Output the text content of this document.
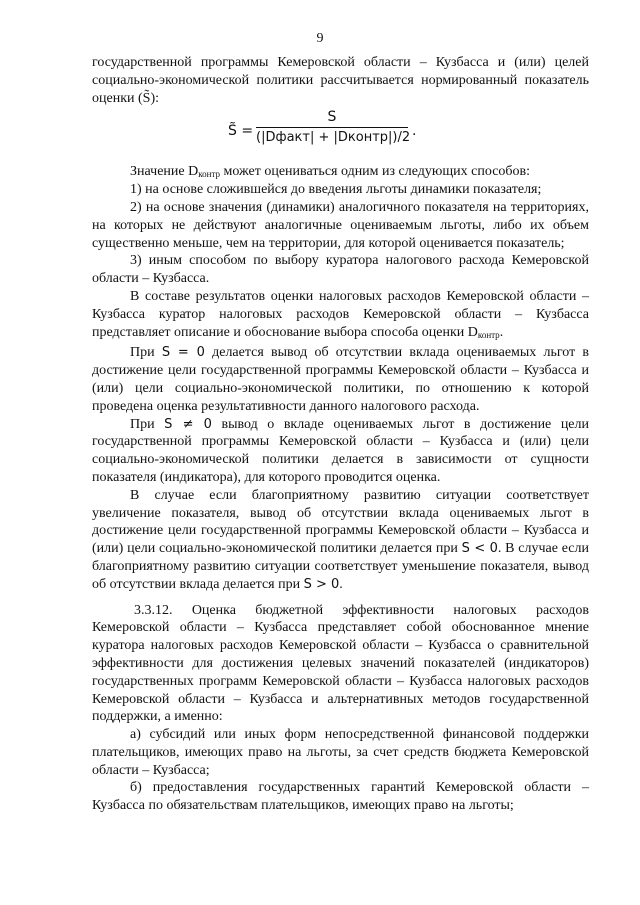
9

государственной программы Кемеровской области – Кузбасса и (или) целей социально-экономической политики рассчитывается нормированный показатель оценки (S̃):

S̃ =
S
(|Dфакт| + |Dконтр|)/2 .

Значение $D_{контр}$ может оцениваться одним из следующих способов:

1) на основе сложившейся до введения льготы динамики показателя;

2) на основе значения (динамики) аналогичного показателя на территориях, на которых не действуют аналогичные оцениваемым льготы, либо их объем существенно меньше, чем на территории, для которой оценивается показатель;

3) иным способом по выбору куратора налогового расхода Кемеровской области – Кузбасса.

В составе результатов оценки налоговых расходов Кемеровской области – Кузбасса куратор налоговых расходов Кемеровской области – Кузбасса представляет описание и обоснование выбора способа оценки $D_{контр}$.

При S = 0 делается вывод об отсутствии вклада оцениваемых льгот в достижение цели государственной программы Кемеровской области – Кузбасса и (или) цели социально-экономической политики, по отношению к которой проведена оценка результативности данного налогового расхода.

При S ≠ 0 вывод о вкладе оцениваемых льгот в достижение цели государственной программы Кемеровской области – Кузбасса и (или) цели социально-экономической политики делается в зависимости от сущности показателя (индикатора), для которого проводится оценка.

В случае если благоприятному развитию ситуации соответствует увеличение показателя, вывод об отсутствии вклада оцениваемых льгот в достижение цели государственной программы Кемеровской области – Кузбасса и (или) цели социально-экономической политики делается при S < 0. В случае если благоприятному развитию ситуации соответствует уменьшение показателя, вывод об отсутствии вклада делается при S > 0.

3.3.12. Оценка бюджетной эффективности налоговых расходов Кемеровской области – Кузбасса представляет собой обоснованное мнение куратора налоговых расходов Кемеровской области – Кузбасса о сравнительной эффективности для достижения целевых значений показателей (индикаторов) государственных программ Кемеровской области – Кузбасса налоговых расходов Кемеровской области – Кузбасса и альтернативных методов государственной поддержки, а именно:

а) субсидий или иных форм непосредственной финансовой поддержки плательщиков, имеющих право на льготы, за счет средств бюджета Кемеровской области – Кузбасса;

б) предоставления государственных гарантий Кемеровской области – Кузбасса по обязательствам плательщиков, имеющих право на льготы;
